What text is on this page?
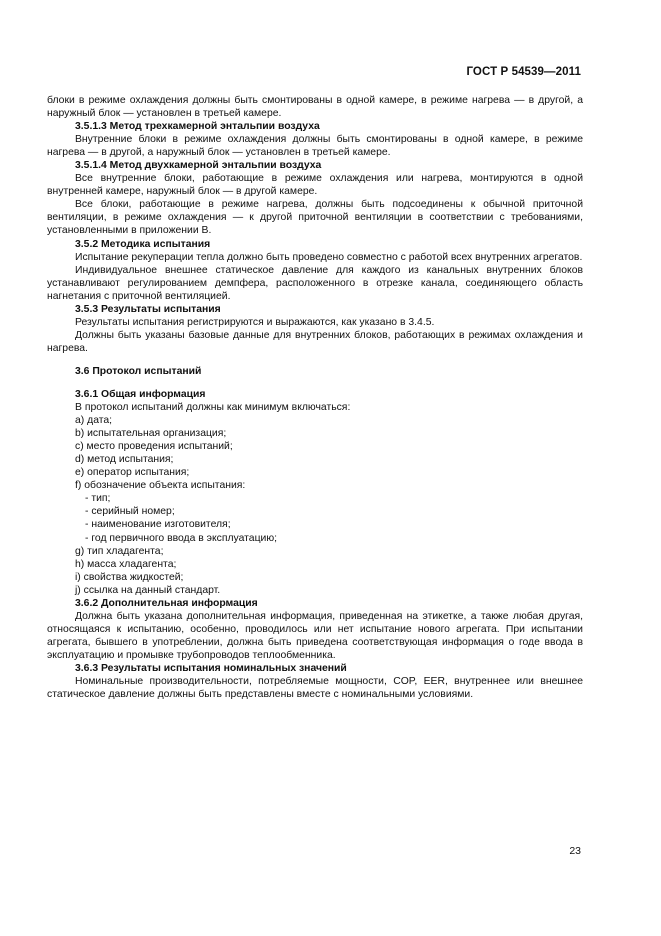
ГОСТ Р 54539—2011

блоки в режиме охлаждения должны быть смонтированы в одной камере, в режиме нагрева — в другой, а наружный блок — установлен в третьей камере.

3.5.1.3 Метод трехкамерной энтальпии воздуха

Внутренние блоки в режиме охлаждения должны быть смонтированы в одной камере, в режиме нагрева — в другой, а наружный блок — установлен в третьей камере.

3.5.1.4 Метод двухкамерной энтальпии воздуха

Все внутренние блоки, работающие в режиме охлаждения или нагрева, монтируются в одной внутренней камере, наружный блок — в другой камере.

Все блоки, работающие в режиме нагрева, должны быть подсоединены к обычной приточной вентиляции, в режиме охлаждения — к другой приточной вентиляции в соответствии с требованиями, установленными в приложении В.

3.5.2 Методика испытания

Испытание рекуперации тепла должно быть проведено совместно с работой всех внутренних агрегатов.

Индивидуальное внешнее статическое давление для каждого из канальных внутренних блоков устанавливают регулированием демпфера, расположенного в отрезке канала, соединяющего область нагнетания с приточной вентиляцией.

3.5.3 Результаты испытания

Результаты испытания регистрируются и выражаются, как указано в 3.4.5.

Должны быть указаны базовые данные для внутренних блоков, работающих в режимах охлаждения и нагрева.

3.6 Протокол испытаний

3.6.1 Общая информация

В протокол испытаний должны как минимум включаться:

a) дата;

b) испытательная организация;

c) место проведения испытаний;

d) метод испытания;

e) оператор испытания;

f) обозначение объекта испытания:

- тип;

- серийный номер;

- наименование изготовителя;

- год первичного ввода в эксплуатацию;

g) тип хладагента;

h) масса хладагента;

i) свойства жидкостей;

j) ссылка на данный стандарт.

3.6.2 Дополнительная информация

Должна быть указана дополнительная информация, приведенная на этикетке, а также любая другая, относящаяся к испытанию, особенно, проводилось или нет испытание нового агрегата. При испытании агрегата, бывшего в употреблении, должна быть приведена соответствующая информация о годе ввода в эксплуатацию и промывке трубопроводов теплообменника.

3.6.3 Результаты испытания номинальных значений

Номинальные производительности, потребляемые мощности, COP, EER, внутреннее или внешнее статическое давление должны быть представлены вместе с номинальными условиями.

23
